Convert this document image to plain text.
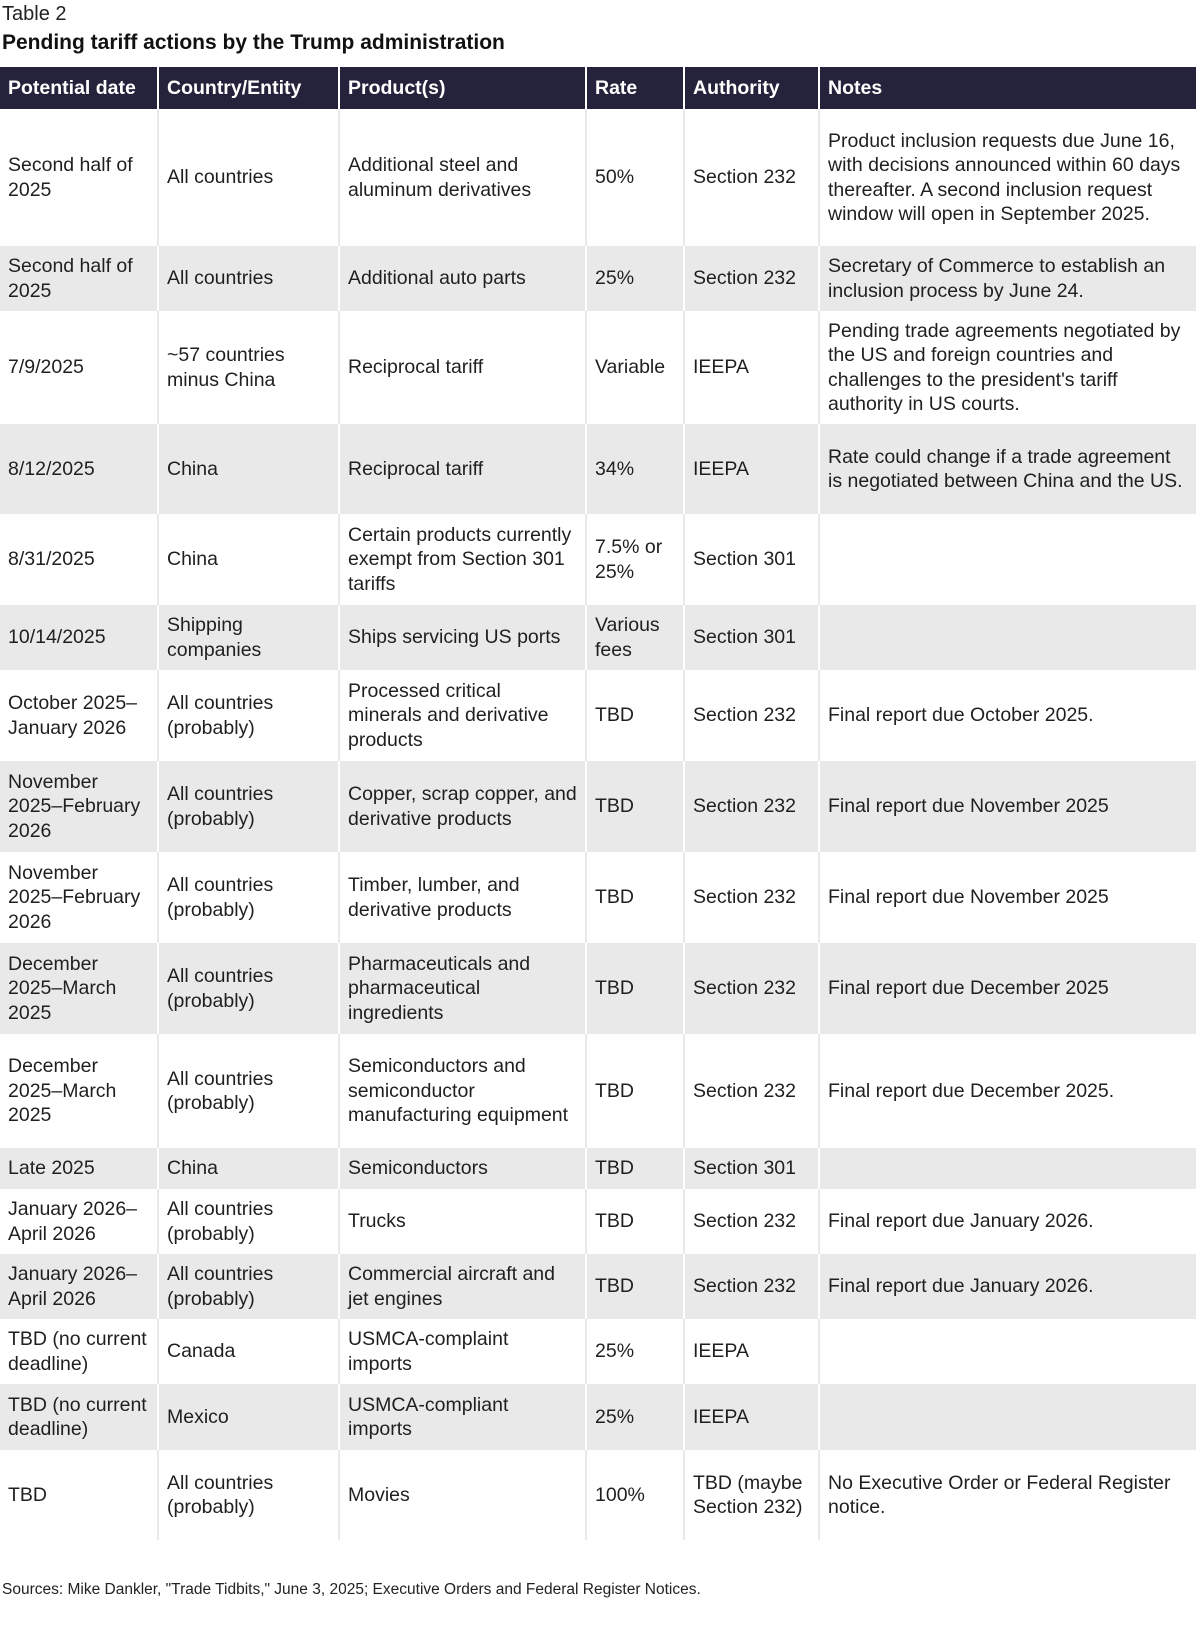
Table 2
Pending tariff actions by the Trump administration
Potential date	Country/Entity	Product(s)	Rate	Authority	Notes
Second half of 2025	All countries	Additional steel and aluminum derivatives	50%	Section 232	Product inclusion requests due June 16, with decisions announced within 60 days thereafter. A second inclusion request window will open in September 2025.
Second half of 2025	All countries	Additional auto parts	25%	Section 232	Secretary of Commerce to establish an inclusion process by June 24.
7/9/2025	~57 countries minus China	Reciprocal tariff	Variable	IEEPA	Pending trade agreements negotiated by the US and foreign countries and challenges to the president's tariff authority in US courts.
8/12/2025	China	Reciprocal tariff	34%	IEEPA	Rate could change if a trade agreement is negotiated between China and the US.
8/31/2025	China	Certain products currently exempt from Section 301 tariffs	7.5% or 25%	Section 301	
10/14/2025	Shipping companies	Ships servicing US ports	Various fees	Section 301	
October 2025–January 2026	All countries (probably)	Processed critical minerals and derivative products	TBD	Section 232	Final report due October 2025.
November 2025–February 2026	All countries (probably)	Copper, scrap copper, and derivative products	TBD	Section 232	Final report due November 2025
November 2025–February 2026	All countries (probably)	Timber, lumber, and derivative products	TBD	Section 232	Final report due November 2025
December 2025–March 2025	All countries (probably)	Pharmaceuticals and pharmaceutical ingredients	TBD	Section 232	Final report due December 2025
December 2025–March 2025	All countries (probably)	Semiconductors and semiconductor manufacturing equipment	TBD	Section 232	Final report due December 2025.
Late 2025	China	Semiconductors	TBD	Section 301	
January 2026–April 2026	All countries (probably)	Trucks	TBD	Section 232	Final report due January 2026.
January 2026–April 2026	All countries (probably)	Commercial aircraft and jet engines	TBD	Section 232	Final report due January 2026.
TBD (no current deadline)	Canada	USMCA-complaint imports	25%	IEEPA	
TBD (no current deadline)	Mexico	USMCA-compliant imports	25%	IEEPA	
TBD	All countries (probably)	Movies	100%	TBD (maybe Section 232)	No Executive Order or Federal Register notice.
Sources: Mike Dankler, "Trade Tidbits," June 3, 2025; Executive Orders and Federal Register Notices.
